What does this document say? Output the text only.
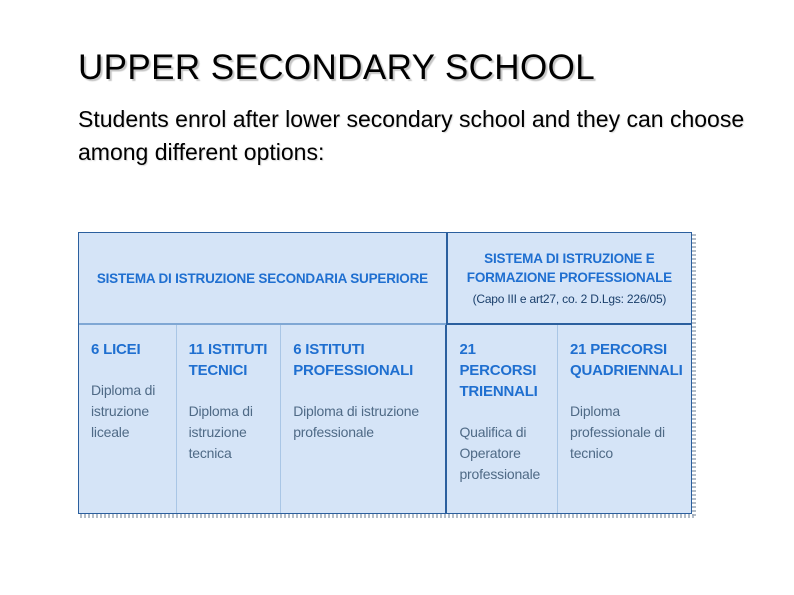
UPPER SECONDARY SCHOOL
Students enrol after lower secondary school and they can choose among different options:
SISTEMA DI ISTRUZIONE SECONDARIA SUPERIORE
SISTEMA DI ISTRUZIONE E FORMAZIONE PROFESSIONALE
(Capo III e art27, co. 2 D.Lgs: 226/05)
6 LICEI
Diploma di istruzione liceale
11 ISTITUTI TECNICI
Diploma di istruzione tecnica
6 ISTITUTI PROFESSIONALI
Diploma di istruzione professionale
21 PERCORSI TRIENNALI
Qualifica di Operatore professionale
21 PERCORSI QUADRIENNALI
Diploma professionale di tecnico
